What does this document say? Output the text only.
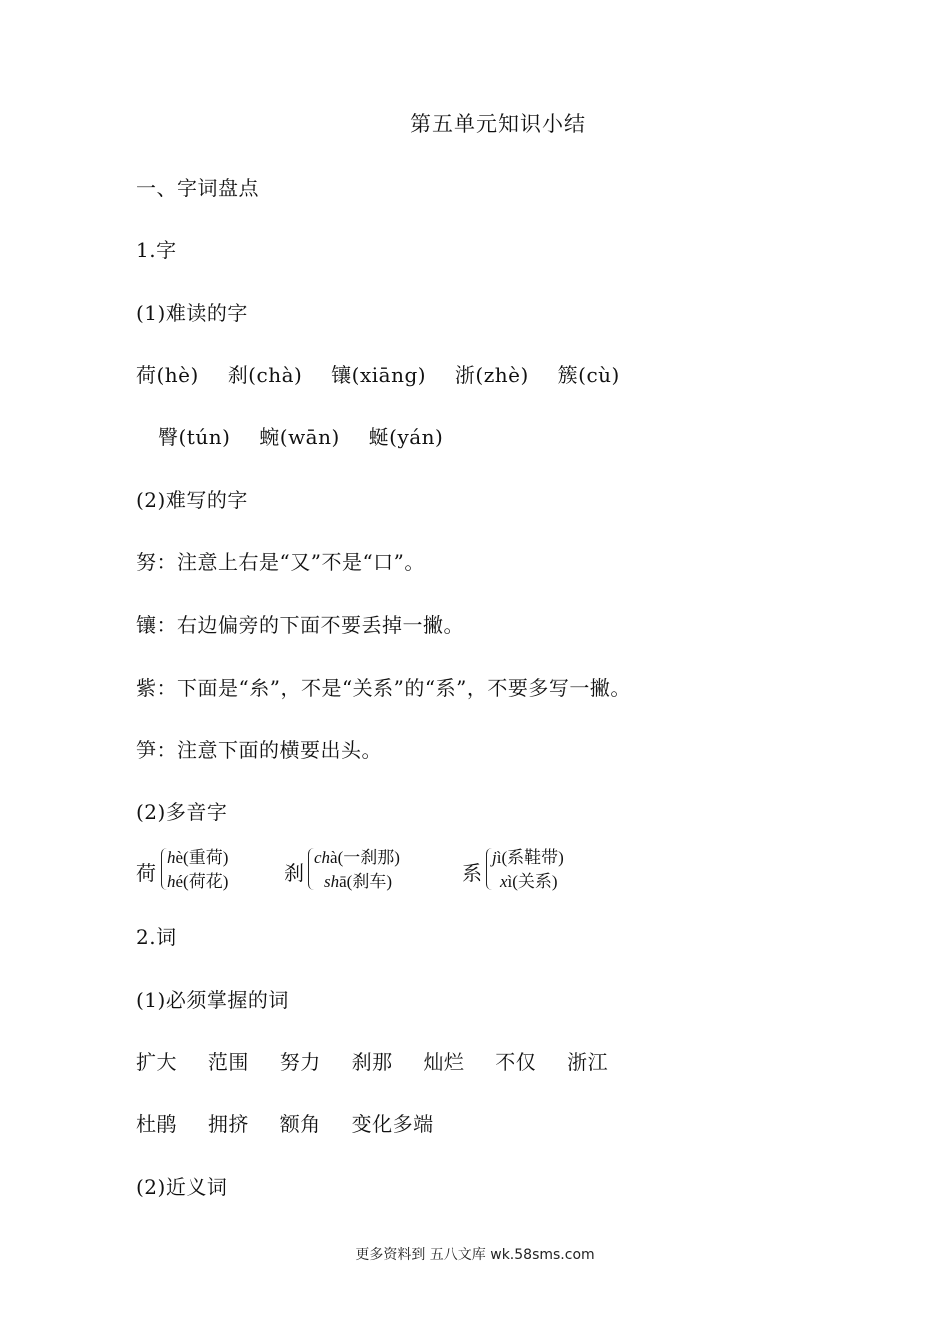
第五单元知识小结
一、字词盘点
1.字
(1)难读的字
荷(hè) 刹(chà) 镶(xiāng) 浙(zhè) 簇(cù)
臀(tún) 蜿(wān) 蜒(yán)
(2)难写的字
努：注意上右是“又”不是“口”。
镶：右边偏旁的下面不要丢掉一撇。
紫：下面是“糸”，不是“关系”的“系”，不要多写一撇。
笋：注意下面的横要出头。
(2)多音字
荷
hè(重荷)
hé(荷花)	刹
chà(一刹那)
shā(刹车)	系
jì(系鞋带)
xì(关系)
2.词
(1)必须掌握的词
扩大 范围 努力 刹那 灿烂 不仅 浙江
杜鹃 拥挤 额角 变化多端
(2)近义词
更多资料到 五八文库 wk.58sms.com
